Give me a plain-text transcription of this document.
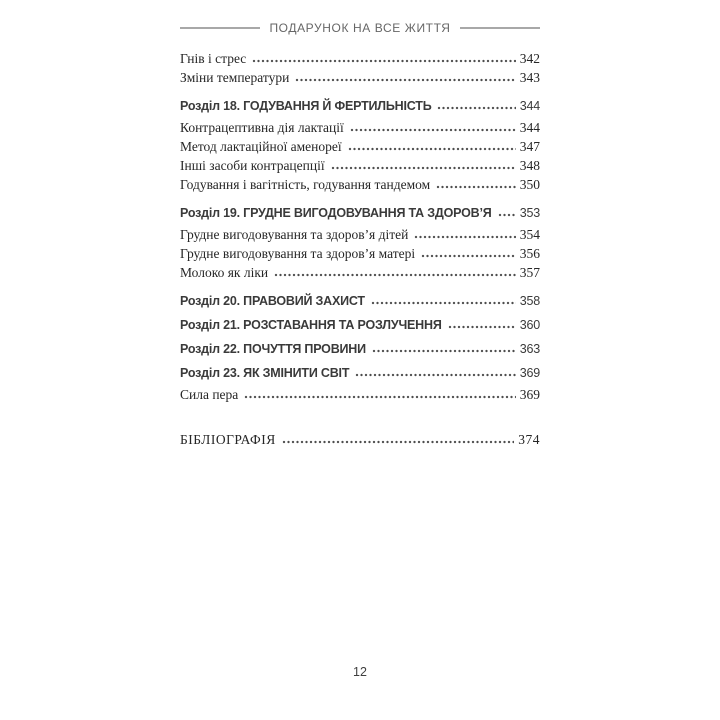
ПОДАРУНОК НА ВСЕ ЖИТТЯ
Гнів і стрес	342
Зміни температури	343
Розділ 18. ГОДУВАННЯ Й ФЕРТИЛЬНІСТЬ	344
Контрацептивна дія лактації	344
Метод лактаційної аменореї	347
Інші засоби контрацепції	348
Годування і вагітність, годування тандемом	350
Розділ 19. ГРУДНЕ ВИГОДОВУВАННЯ ТА ЗДОРОВ’Я 353
Грудне вигодовування та здоров’я дітей	354
Грудне вигодовування та здоров’я матері	356
Молоко як ліки	357
Розділ 20. ПРАВОВИЙ ЗАХИСТ	358
Розділ 21. РОЗСТАВАННЯ ТА РОЗЛУЧЕННЯ	360
Розділ 22. ПОЧУТТЯ ПРОВИНИ	363
Розділ 23. ЯК ЗМІНИТИ СВІТ	369
Сила пера	369
БІБЛІОГРАФІЯ	374
12
